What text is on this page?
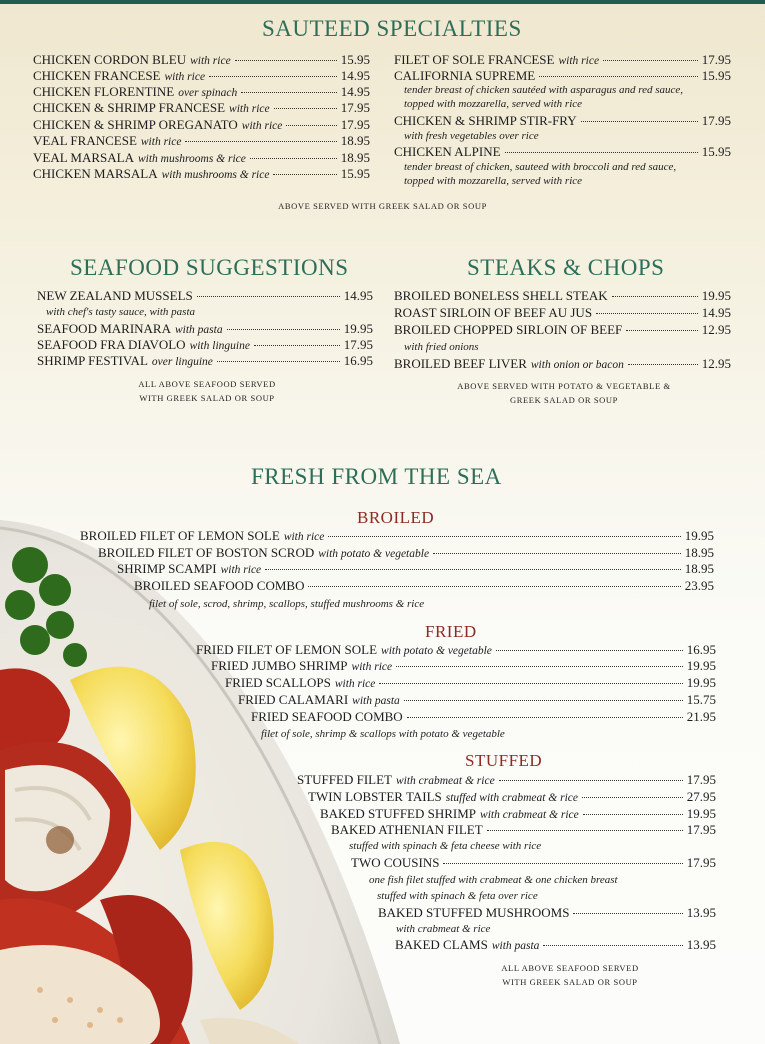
SAUTEED SPECIALTIES
CHICKEN CORDON BLEU with rice	15.95
CHICKEN FRANCESE with rice	14.95
CHICKEN FLORENTINE over spinach	14.95
CHICKEN & SHRIMP FRANCESE with rice	17.95
CHICKEN & SHRIMP OREGANATO with rice	17.95
VEAL FRANCESE with rice	18.95
VEAL MARSALA with mushrooms & rice	18.95
CHICKEN MARSALA with mushrooms & rice	15.95
FILET OF SOLE FRANCESE with rice	17.95
CALIFORNIA SUPREME	15.95
CHICKEN & SHRIMP STIR-FRY	17.95
CHICKEN ALPINE	15.95
tender breast of chicken sautéed with asparagus and red sauce,
topped with mozzarella, served with rice
with fresh vegetables over rice
tender breast of chicken, sauteed with broccoli and red sauce,
topped with mozzarella, served with rice
ABOVE SERVED WITH GREEK SALAD OR SOUP
SEAFOOD SUGGESTIONS
NEW ZEALAND MUSSELS	14.95
SEAFOOD MARINARA with pasta	19.95
SEAFOOD FRA DIAVOLO with linguine	17.95
SHRIMP FESTIVAL over linguine	16.95
with chef's tasty sauce, with pasta
ALL ABOVE SEAFOOD SERVED
WITH GREEK SALAD OR SOUP
STEAKS & CHOPS
BROILED BONELESS SHELL STEAK	19.95
ROAST SIRLOIN OF BEEF AU JUS	14.95
BROILED CHOPPED SIRLOIN OF BEEF	12.95
BROILED BEEF LIVER with onion or bacon	12.95
with fried onions
ABOVE SERVED WITH POTATO & VEGETABLE &
GREEK SALAD OR SOUP
FRESH FROM THE SEA
BROILED
BROILED FILET OF LEMON SOLE with rice	19.95
BROILED FILET OF BOSTON SCROD with potato & vegetable	18.95
SHRIMP SCAMPI with rice	18.95
BROILED SEAFOOD COMBO	23.95
filet of sole, scrod, shrimp, scallops, stuffed mushrooms & rice
FRIED
FRIED FILET OF LEMON SOLE with potato & vegetable	16.95
FRIED JUMBO SHRIMP with rice	19.95
FRIED SCALLOPS with rice	19.95
FRIED CALAMARI with pasta	15.75
FRIED SEAFOOD COMBO	21.95
filet of sole, shrimp & scallops with potato & vegetable
STUFFED
STUFFED FILET with crabmeat & rice	17.95
TWIN LOBSTER TAILS stuffed with crabmeat & rice	27.95
BAKED STUFFED SHRIMP with crabmeat & rice	19.95
BAKED ATHENIAN FILET	17.95
TWO COUSINS	17.95
BAKED STUFFED MUSHROOMS	13.95
BAKED CLAMS with pasta	13.95
stuffed with spinach & feta cheese with rice
one fish filet stuffed with crabmeat & one chicken breast
stuffed with spinach & feta over rice
with crabmeat & rice
ALL ABOVE SEAFOOD SERVED
WITH GREEK SALAD OR SOUP
